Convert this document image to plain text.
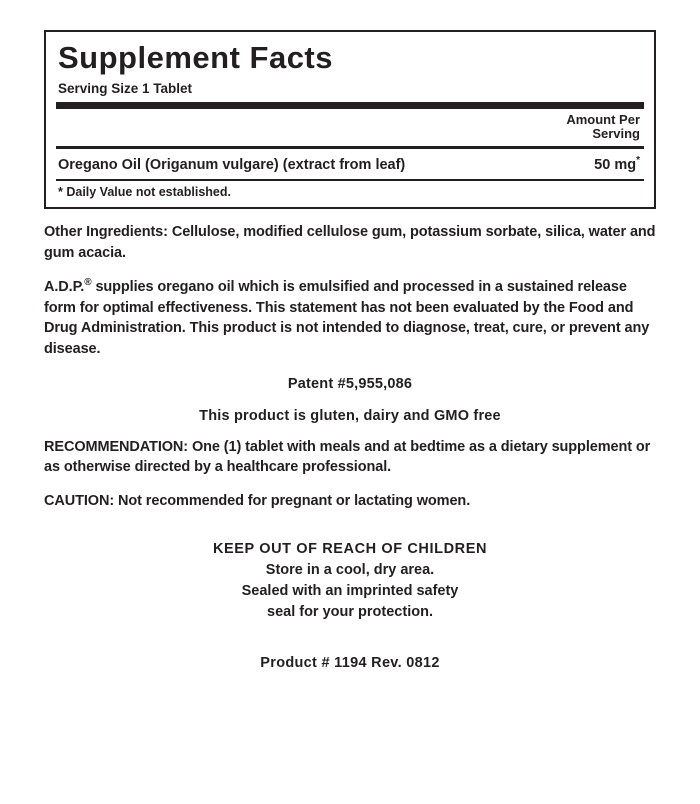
Supplement Facts
Serving Size 1 Tablet
Amount Per
Serving
Oregano Oil (Origanum vulgare) (extract from leaf)	50 mg*
* Daily Value not established.
Other Ingredients: Cellulose, modified cellulose gum, potassium sorbate, silica, water and gum acacia.
A.D.P.® supplies oregano oil which is emulsified and processed in a sustained release form for optimal effectiveness. This statement has not been evaluated by the Food and Drug Administration. This product is not intended to diagnose, treat, cure, or prevent any disease.
Patent #5,955,086
This product is gluten, dairy and GMO free
RECOMMENDATION: One (1) tablet with meals and at bedtime as a dietary supplement or as otherwise directed by a healthcare professional.
CAUTION: Not recommended for pregnant or lactating women.
KEEP OUT OF REACH OF CHILDREN
Store in a cool, dry area.
Sealed with an imprinted safety
seal for your protection.
Product # 1194 Rev. 0812
